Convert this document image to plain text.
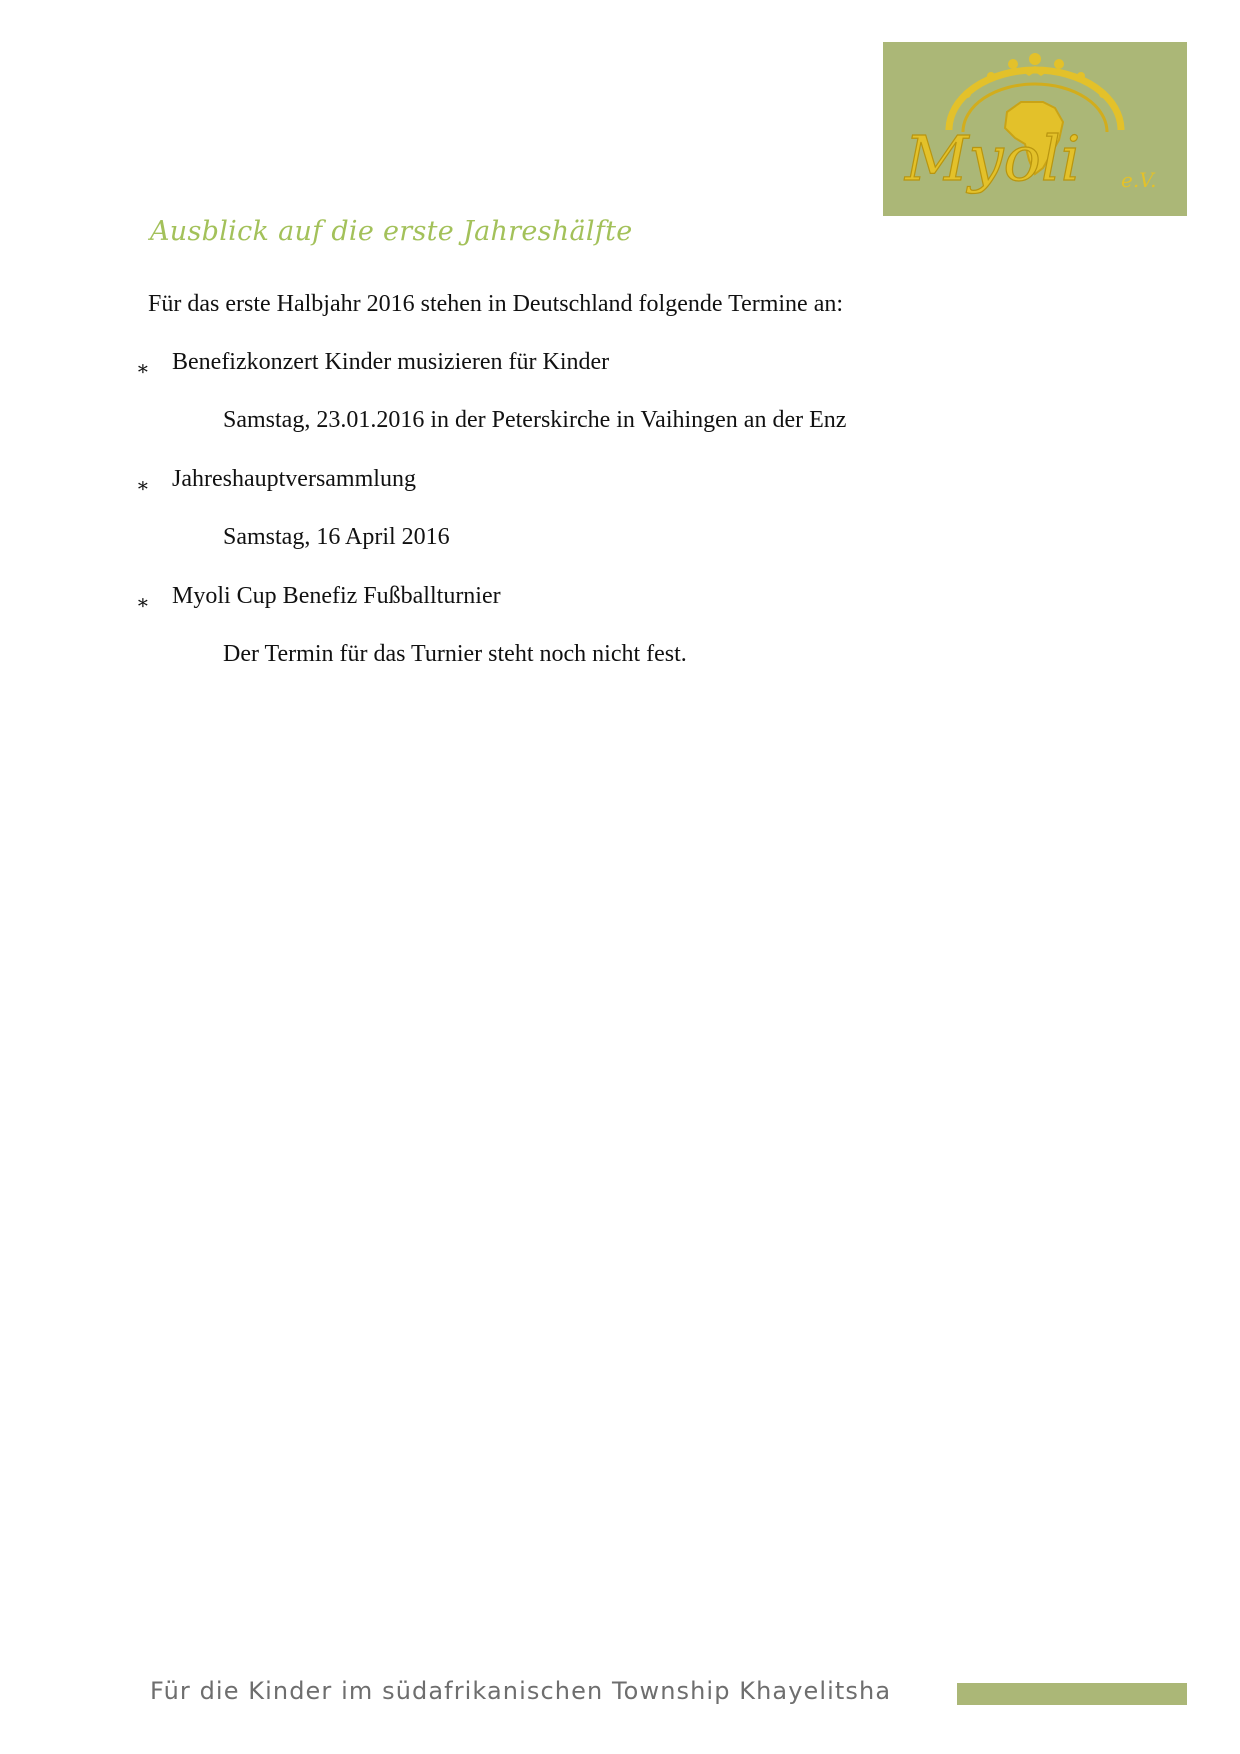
Myoli e.V.
Ausblick auf die erste Jahreshälfte

Für das erste Halbjahr 2016 stehen in Deutschland folgende Termine an:

∗ Benefizkonzert Kinder musizieren für Kinder

Samstag, 23.01.2016 in der Peterskirche in Vaihingen an der Enz

∗ Jahreshauptversammlung

Samstag, 16 April 2016

∗ Myoli Cup Benefiz Fußballturnier

Der Termin für das Turnier steht noch nicht fest.

Für die Kinder im südafrikanischen Township Khayelitsha
